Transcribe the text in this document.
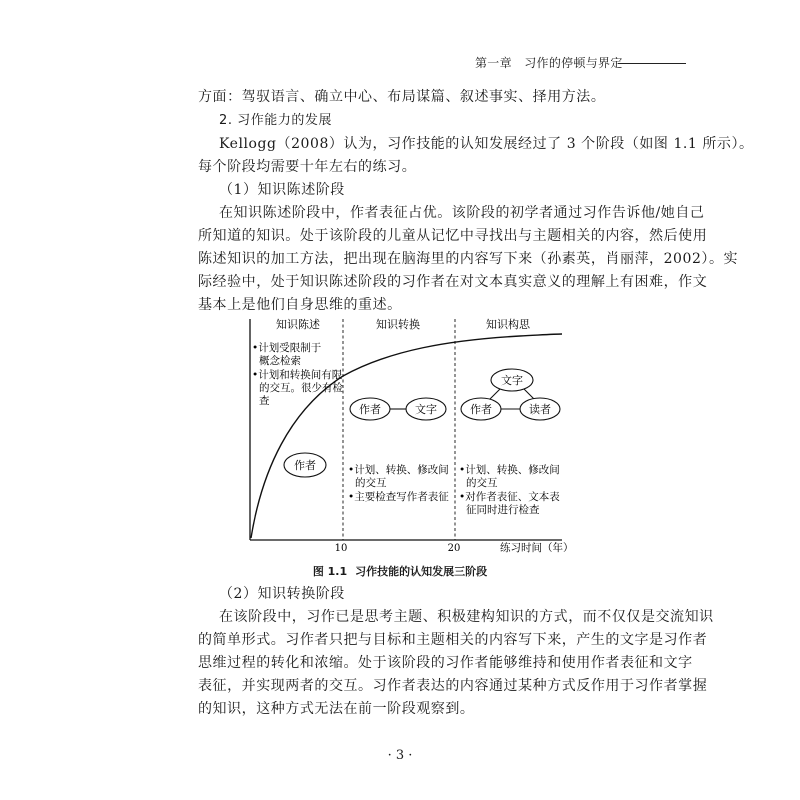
第一章 习作的停顿与界定
方面：驾驭语言、确立中心、布局谋篇、叙述事实、择用方法。
2. 习作能力的发展
Kellogg（2008）认为，习作技能的认知发展经过了 3 个阶段（如图 1.1 所示）。
每个阶段均需要十年左右的练习。
（1）知识陈述阶段
在知识陈述阶段中，作者表征占优。该阶段的初学者通过习作告诉他/她自己
所知道的知识。处于该阶段的儿童从记忆中寻找出与主题相关的内容，然后使用
陈述知识的加工方法，把出现在脑海里的内容写下来（孙素英，肖丽萍，2002）。实
际经验中，处于知识陈述阶段的习作者在对文本真实意义的理解上有困难，作文
基本上是他们自身思维的重述。
知识陈述	知识转换	知识构思
•计划受限制于
概念检索
•计划和转换间有限
的交互。很少有检
查
作者
作者	文字
•计划、转换、修改间
的交互
•主要检查写作者表征
文字
作者	读者
•计划、转换、修改间
的交互
•对作者表征、文本表
征同时进行检查
10	20	练习时间（年）
图 1.1 习作技能的认知发展三阶段
（2）知识转换阶段
在该阶段中，习作已是思考主题、积极建构知识的方式，而不仅仅是交流知识
的简单形式。习作者只把与目标和主题相关的内容写下来，产生的文字是习作者
思维过程的转化和浓缩。处于该阶段的习作者能够维持和使用作者表征和文字
表征，并实现两者的交互。习作者表达的内容通过某种方式反作用于习作者掌握
的知识，这种方式无法在前一阶段观察到。
· 3 ·
